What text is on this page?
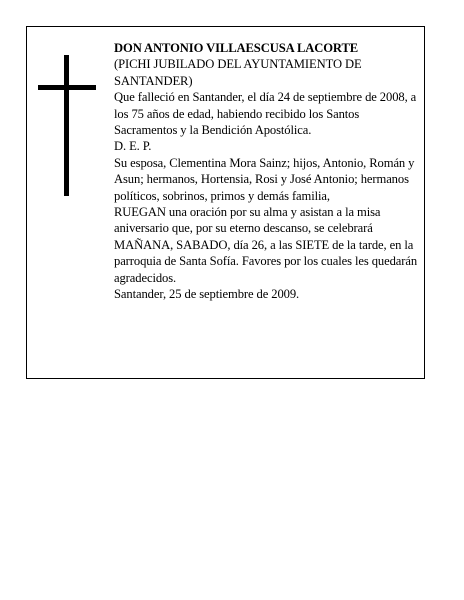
DON ANTONIO VILLAESCUSA LACORTE

(PICHI JUBILADO DEL AYUNTAMIENTO DE SANTANDER)

Que falleció en Santander, el día 24 de septiembre de 2008, a los 75 años de edad, habiendo recibido los Santos Sacramentos y la Bendición Apostólica.

D. E. P.

Su esposa, Clementina Mora Sainz; hijos, Antonio, Román y Asun; hermanos, Hortensia, Rosi y José Antonio; hermanos políticos, sobrinos, primos y demás familia,

RUEGAN una oración por su alma y asistan a la misa aniversario que, por su eterno descanso, se celebrará MAÑANA, SABADO, día 26, a las SIETE de la tarde, en la parroquia de Santa Sofía. Favores por los cuales les quedarán agradecidos.

Santander, 25 de septiembre de 2009.
